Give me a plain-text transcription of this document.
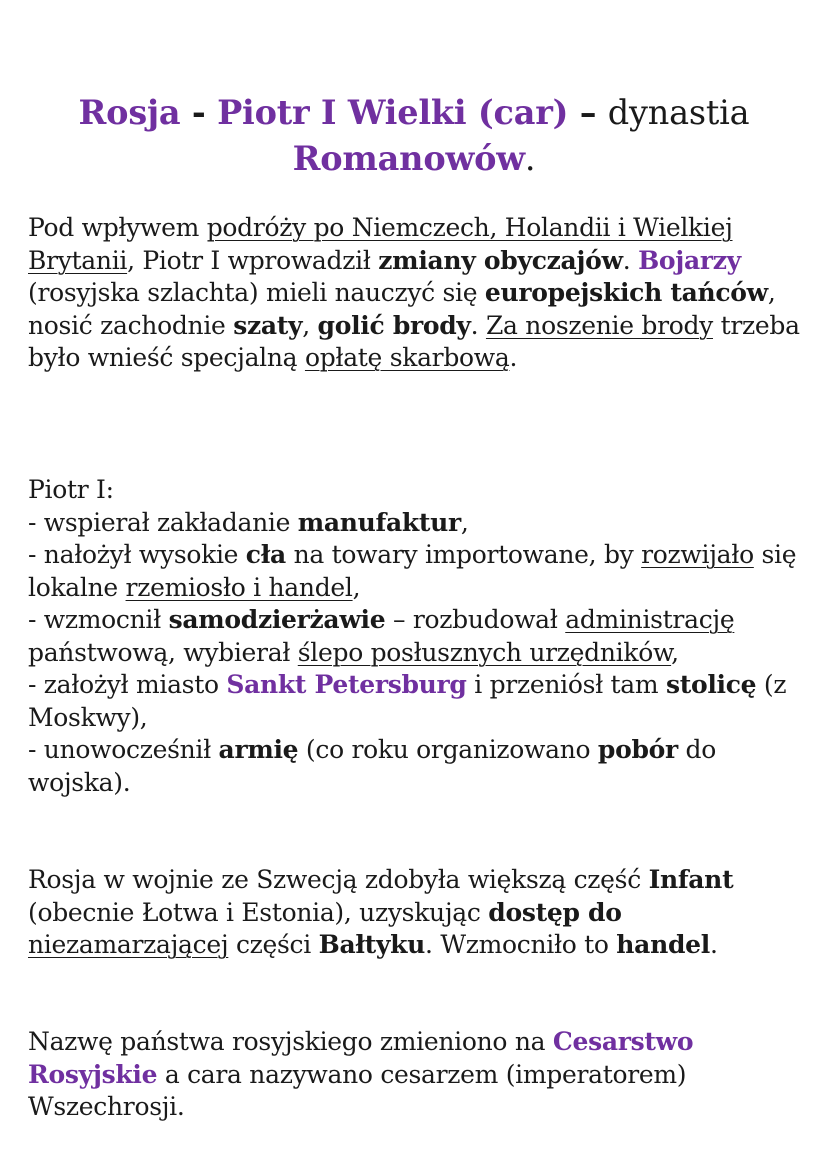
Rosja - Piotr I Wielki (car) – dynastia
Romanowów.
Pod wpływem podróży po Niemczech, Holandii i Wielkiej Brytanii, Piotr I wprowadził zmiany obyczajów. Bojarzy (rosyjska szlachta) mieli nauczyć się europejskich tańców, nosić zachodnie szaty, golić brody. Za noszenie brody trzeba było wnieść specjalną opłatę skarbową.
Piotr I:
- wspierał zakładanie manufaktur,
- nałożył wysokie cła na towary importowane, by rozwijało się lokalne rzemiosło i handel,
- wzmocnił samodzierżawie – rozbudował administrację państwową, wybierał ślepo posłusznych urzędników,
- założył miasto Sankt Petersburg i przeniósł tam stolicę (z Moskwy),
- unowocześnił armię (co roku organizowano pobór do wojska).
Rosja w wojnie ze Szwecją zdobyła większą część Infant (obecnie Łotwa i Estonia), uzyskując dostęp do niezamarzającej części Bałtyku. Wzmocniło to handel.
Nazwę państwa rosyjskiego zmieniono na Cesarstwo Rosyjskie a cara nazywano cesarzem (imperatorem) Wszechrosji.
